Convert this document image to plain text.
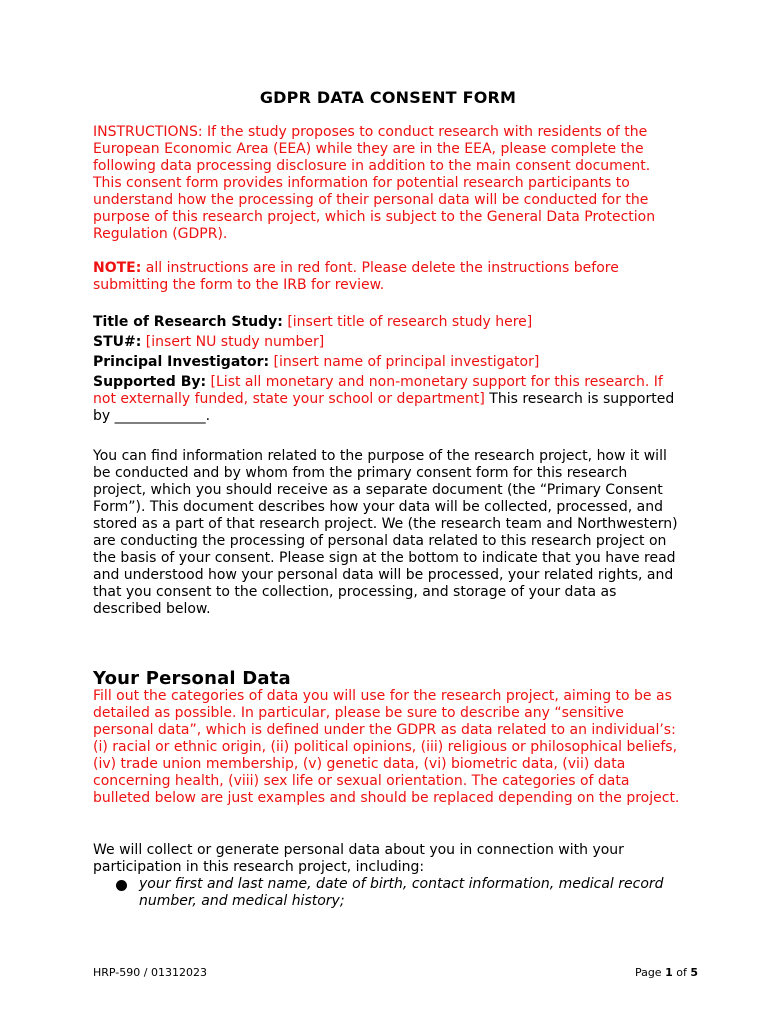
GDPR DATA CONSENT FORM
INSTRUCTIONS: If the study proposes to conduct research with residents of the European Economic Area (EEA) while they are in the EEA, please complete the following data processing disclosure in addition to the main consent document. This consent form provides information for potential research participants to understand how the processing of their personal data will be conducted for the purpose of this research project, which is subject to the General Data Protection Regulation (GDPR).
NOTE: all instructions are in red font. Please delete the instructions before submitting the form to the IRB for review.

Title of Research Study: [insert title of research study here]

STU#: [insert NU study number]

Principal Investigator: [insert name of principal investigator]

Supported By: [List all monetary and non-monetary support for this research. If not externally funded, state your school or department] This research is supported by _____________.

You can find information related to the purpose of the research project, how it will be conducted and by whom from the primary consent form for this research project, which you should receive as a separate document (the “Primary Consent Form”). This document describes how your data will be collected, processed, and stored as a part of that research project. We (the research team and Northwestern) are conducting the processing of personal data related to this research project on the basis of your consent. Please sign at the bottom to indicate that you have read and understood how your personal data will be processed, your related rights, and that you consent to the collection, processing, and storage of your data as described below.
Your Personal Data
Fill out the categories of data you will use for the research project, aiming to be as detailed as possible. In particular, please be sure to describe any “sensitive personal data”, which is defined under the GDPR as data related to an individual’s: (i) racial or ethnic origin, (ii) political opinions, (iii) religious or philosophical beliefs, (iv) trade union membership, (v) genetic data, (vi) biometric data, (vii) data concerning health, (viii) sex life or sexual orientation. The categories of data bulleted below are just examples and should be replaced depending on the project.
We will collect or generate personal data about you in connection with your participation in this research project, including:
your first and last name, date of birth, contact information, medical record number, and medical history;
HRP-590 / 01312023	Page 1 of 5
